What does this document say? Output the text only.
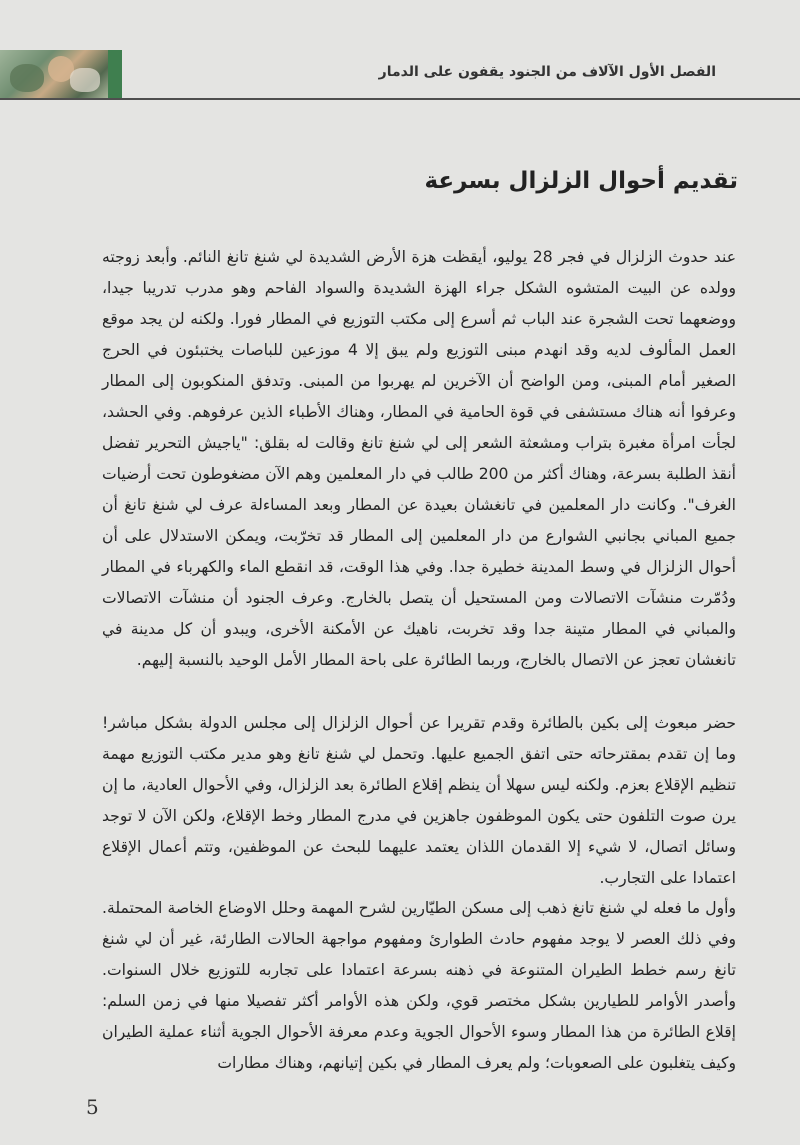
الفصل الأول الآلاف من الجنود يقفون على الدمار
تقديم أحوال الزلزال بسرعة

عند حدوث الزلزال في فجر 28 يوليو، أيقظت هزة الأرض الشديدة لي شنغ تانغ النائم. وأبعد زوجته وولده عن البيت المتشوه الشكل جراء الهزة الشديدة والسواد الفاحم وهو مدرب تدريبا جيدا، ووضعهما تحت الشجرة عند الباب ثم أسرع إلى مكتب التوزيع في المطار فورا. ولكنه لن يجد موقع العمل المألوف لديه وقد انهدم مبنى التوزيع ولم يبق إلا 4 موزعين للباصات يختبئون في الحرج الصغير أمام المبنى، ومن الواضح أن الآخرين لم يهربوا من المبنى. وتدفق المنكوبون إلى المطار وعرفوا أنه هناك مستشفى في قوة الحامية في المطار، وهناك الأطباء الذين عرفوهم. وفي الحشد، لجأت امرأة مغبرة بتراب ومشعثة الشعر إلى لي شنغ تانغ وقالت له بقلق: "ياجيش التحرير تفضل أنقذ الطلبة بسرعة، وهناك أكثر من 200 طالب في دار المعلمين وهم الآن مضغوطون تحت أرضيات الغرف". وكانت دار المعلمين في تانغشان بعيدة عن المطار وبعد المساءلة عرف لي شنغ تانغ أن جميع المباني بجانبي الشوارع من دار المعلمين إلى المطار قد تخرّبت، ويمكن الاستدلال على أن أحوال الزلزال في وسط المدينة خطيرة جدا. وفي هذا الوقت، قد انقطع الماء والكهرباء في المطار ودُمّرت منشآت الاتصالات ومن المستحيل أن يتصل بالخارج. وعرف الجنود أن منشآت الاتصالات والمباني في المطار متينة جدا وقد تخربت، ناهيك عن الأمكنة الأخرى، ويبدو أن كل مدينة في تانغشان تعجز عن الاتصال بالخارج، وربما الطائرة على باحة المطار الأمل الوحيد بالنسبة إليهم.

حضر مبعوث إلى بكين بالطائرة وقدم تقريرا عن أحوال الزلزال إلى مجلس الدولة بشكل مباشر! وما إن تقدم بمقترحاته حتى اتفق الجميع عليها. وتحمل لي شنغ تانغ وهو مدير مكتب التوزيع مهمة تنظيم الإقلاع بعزم. ولكنه ليس سهلا أن ينظم إقلاع الطائرة بعد الزلزال، وفي الأحوال العادية، ما إن يرن صوت التلفون حتى يكون الموظفون جاهزين في مدرج المطار وخط الإقلاع، ولكن الآن لا توجد وسائل اتصال، لا شيء إلا القدمان اللذان يعتمد عليهما للبحث عن الموظفين، وتتم أعمال الإقلاع اعتمادا على التجارب.

وأول ما فعله لي شنغ تانغ ذهب إلى مسكن الطيّارين لشرح المهمة وحلل الاوضاع الخاصة المحتملة. وفي ذلك العصر لا يوجد مفهوم حادث الطوارئ ومفهوم مواجهة الحالات الطارئة، غير أن لي شنغ تانغ رسم خطط الطيران المتنوعة في ذهنه بسرعة اعتمادا على تجاربه للتوزيع خلال السنوات. وأصدر الأوامر للطيارين بشكل مختصر قوي، ولكن هذه الأوامر أكثر تفصيلا منها في زمن السلم: إقلاع الطائرة من هذا المطار وسوء الأحوال الجوية وعدم معرفة الأحوال الجوية أثناء عملية الطيران وكيف يتغلبون على الصعوبات؛ ولم يعرف المطار في بكين إتيانهم، وهناك مطارات

5
